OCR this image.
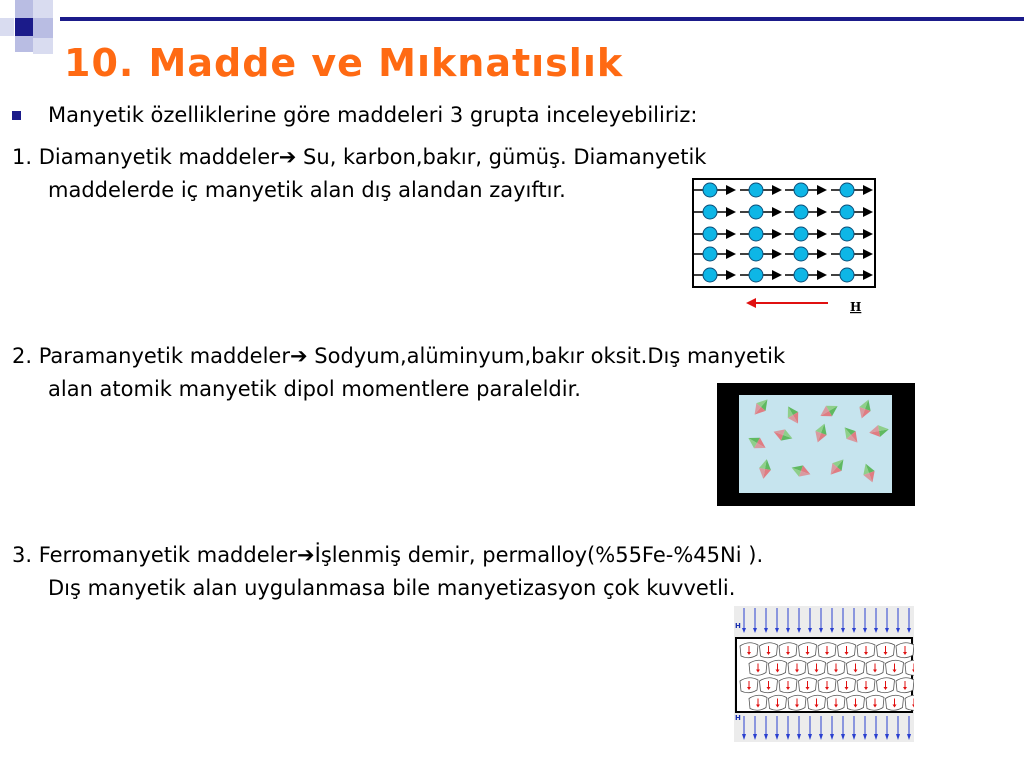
10. Madde ve Mıknatıslık
Manyetik özelliklerine göre maddeleri 3 grupta inceleyebiliriz:
1. Diamanyetik maddeler➔ Su, karbon,bakır, gümüş. Diamanyetik
maddelerde iç manyetik alan dış alandan zayıftır.
H
2. Paramanyetik maddeler➔ Sodyum,alüminyum,bakır oksit.Dış manyetik
alan atomik manyetik dipol momentlere paraleldir.
3. Ferromanyetik maddeler➔İşlenmiş demir, permalloy(%55Fe-%45Ni ).
Dış manyetik alan uygulanmasa bile manyetizasyon çok kuvvetli.
H
H
